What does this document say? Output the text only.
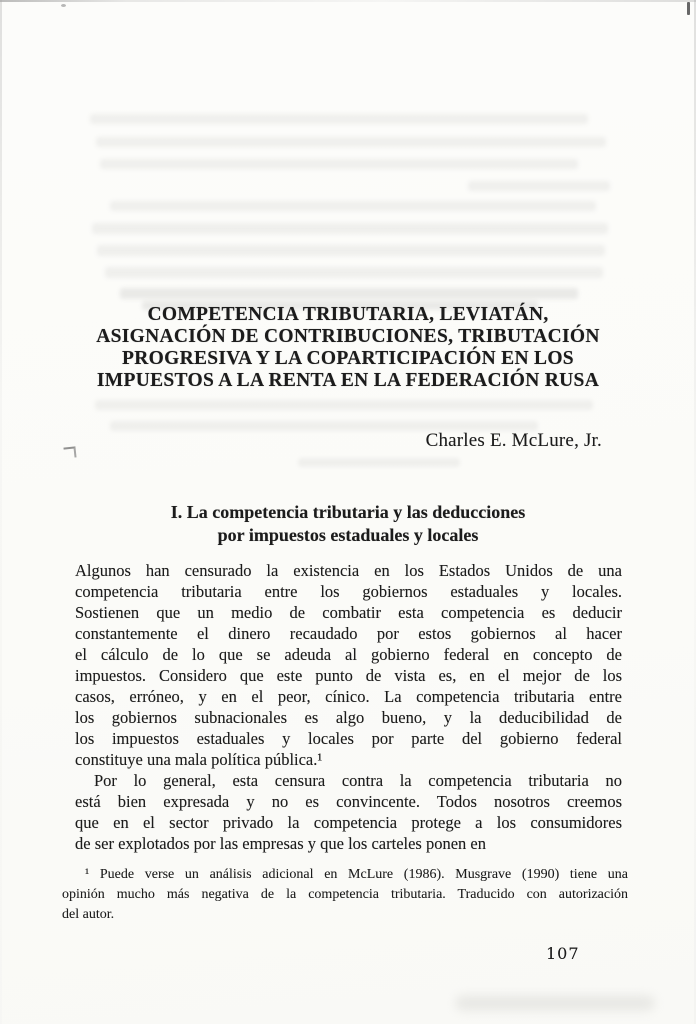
COMPETENCIA TRIBUTARIA, LEVIATÁN,
ASIGNACIÓN DE CONTRIBUCIONES, TRIBUTACIÓN
PROGRESIVA Y LA COPARTICIPACIÓN EN LOS
IMPUESTOS A LA RENTA EN LA FEDERACIÓN RUSA
Charles E. McLure, Jr.
I. La competencia tributaria y las deducciones
por impuestos estaduales y locales
Algunos han censurado la existencia en los Estados Unidos de una
competencia tributaria entre los gobiernos estaduales y locales.
Sostienen que un medio de combatir esta competencia es deducir
constantemente el dinero recaudado por estos gobiernos al hacer
el cálculo de lo que se adeuda al gobierno federal en concepto de
impuestos. Considero que este punto de vista es, en el mejor de los
casos, erróneo, y en el peor, cínico. La competencia tributaria entre
los gobiernos subnacionales es algo bueno, y la deducibilidad de
los impuestos estaduales y locales por parte del gobierno federal
constituye una mala política pública.¹
Por lo general, esta censura contra la competencia tributaria no
está bien expresada y no es convincente. Todos nosotros creemos
que en el sector privado la competencia protege a los consumidores
de ser explotados por las empresas y que los carteles ponen en
¹ Puede verse un análisis adicional en McLure (1986). Musgrave (1990) tiene una
opinión mucho más negativa de la competencia tributaria. Traducido con autorización
del autor.
107
